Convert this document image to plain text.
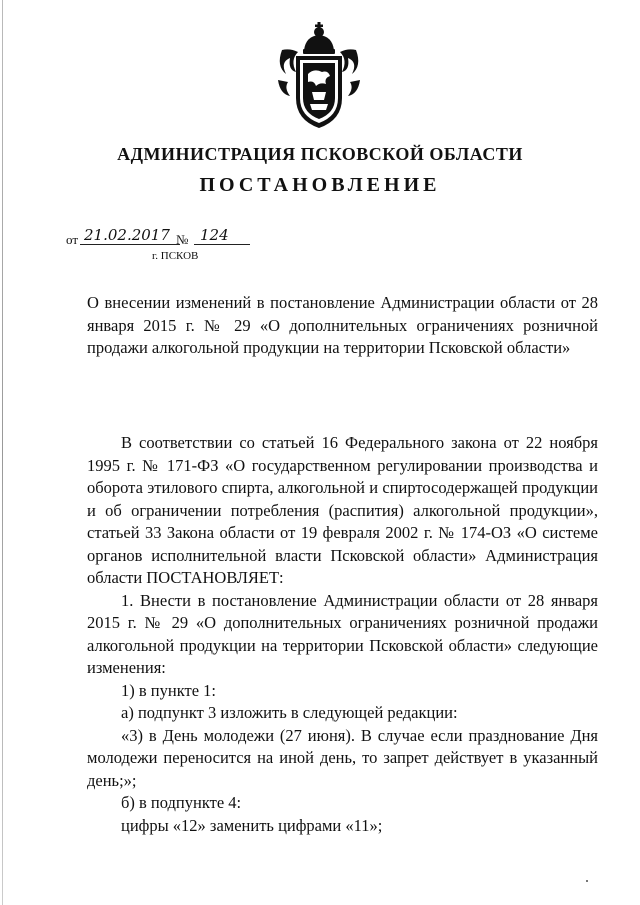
АДМИНИСТРАЦИЯ ПСКОВСКОЙ ОБЛАСТИ
ПОСТАНОВЛЕНИЕ
от 21.02.2017 № 124
г. ПСКОВ
О внесении изменений в постановление Администрации области от 28 января 2015 г. № 29 «О дополнительных ограничениях розничной продажи алкогольной продукции на территории Псковской области»

В соответствии со статьей 16 Федерального закона от 22 ноября 1995 г. № 171-ФЗ «О государственном регулировании производства и оборота этилового спирта, алкогольной и спиртосодержащей продукции и об ограничении потребления (распития) алкогольной продукции», статьей 33 Закона области от 19 февраля 2002 г. № 174-ОЗ «О системе органов исполнительной власти Псковской области» Администрация области ПОСТАНОВЛЯЕТ:

1. Внести в постановление Администрации области от 28 января 2015 г. № 29 «О дополнительных ограничениях розничной продажи алкогольной продукции на территории Псковской области» следующие изменения:

1) в пункте 1:

а) подпункт 3 изложить в следующей редакции:

«3) в День молодежи (27 июня). В случае если празднование Дня молодежи переносится на иной день, то запрет действует в указанный день;»;

б) в подпункте 4:

цифры «12» заменить цифрами «11»;
